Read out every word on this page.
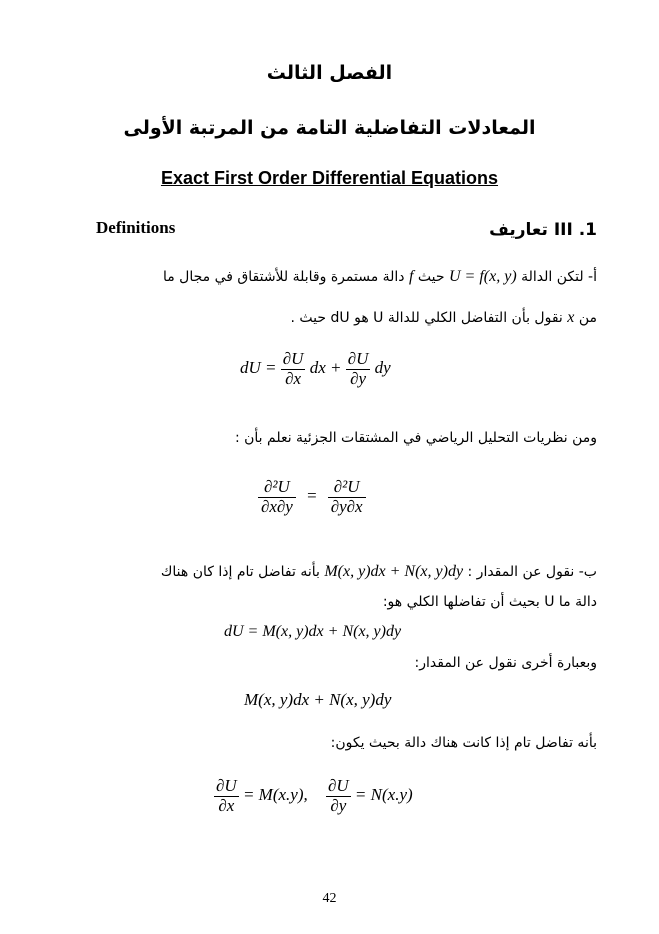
الفصل الثالث
المعادلات التفاضلية التامة من المرتبة الأولى
Exact First Order Differential Equations
Definitions	III .1 تعاريف
أ- لتكن الدالة U = f(x, y) حيث f دالة مستمرة وقابلة للأشتقاق في مجال ما
من x نقول بأن التفاضل الكلي للدالة U هو dU حيث .
dU = $\frac{\partial U}{\partial x}$ dx + $\frac{\partial U}{\partial y}$ dy
ومن نظريات التحليل الرياضي في المشتقات الجزئية نعلم بأن :
$\frac{\text{∂²U}}{\partial x\partial y} = \frac{\text{∂²U}}{\partial y\partial x}$
ب- نقول عن المقدار : M(x, y)dx + N(x, y)dy بأنه تفاضل تام إذا كان هناك
دالة ما U بحيث أن تفاضلها الكلي هو:
dU = M(x, y)dx + N(x, y)dy
وبعبارة أخرى نقول عن المقدار:
M(x, y)dx + N(x, y)dy
بأنه تفاضل تام إذا كانت هناك دالة بحيث يكون:
$\frac{\partial U}{\partial x} = M(x.y)$, $\frac{\partial U}{\partial y} = N(x.y)$
42
